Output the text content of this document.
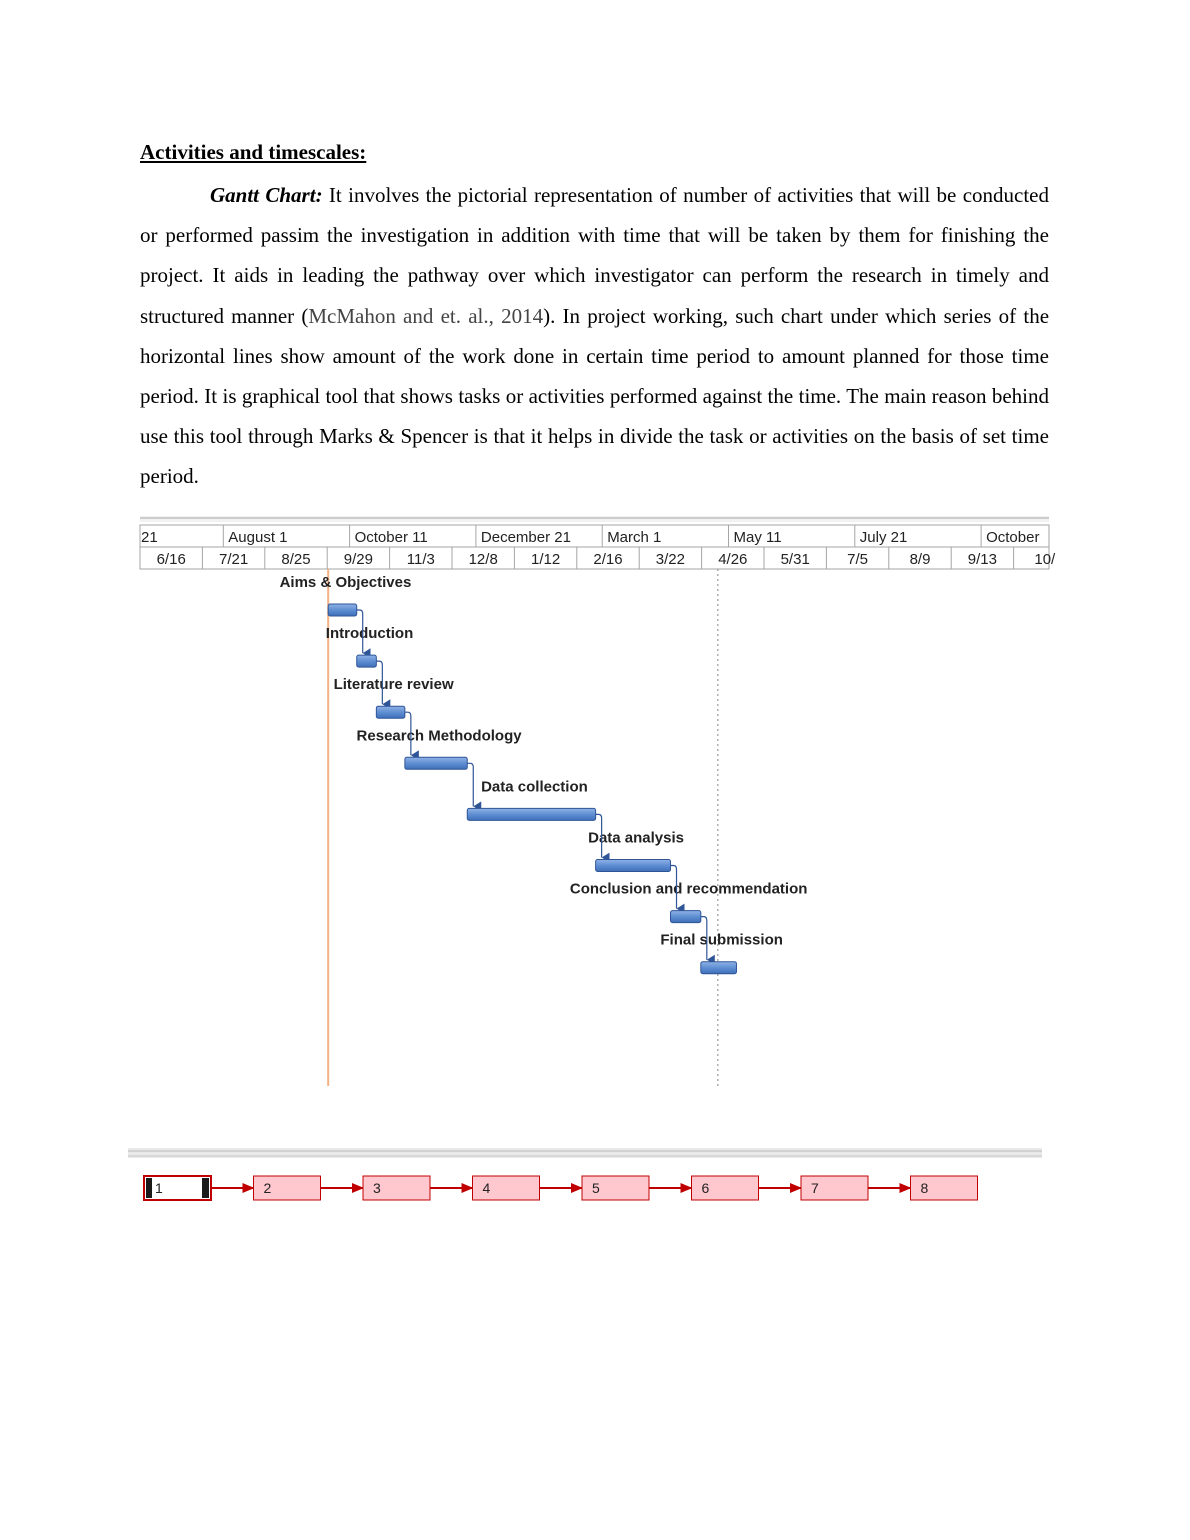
Activities and timescales:

Gantt Chart: It involves the pictorial representation of number of activities that will be conducted or performed passim the investigation in addition with time that will be taken by them for finishing the project. It aids in leading the pathway over which investigator can perform the research in timely and structured manner (McMahon and et. al., 2014). In project working, such chart under which series of the horizontal lines show amount of the work done in certain time period to amount planned for those time period. It is graphical tool that shows tasks or activities performed against the time. The main reason behind use this tool through Marks & Spencer is that it helps in divide the task or activities on the basis of set time period.

21	August 1	October 11	December 21 March 1	May 11	July 21	October
6/16 7/21 8/25 9/29 11/3 12/8 1/12 2/16 3/22 4/26 5/31 7/5	8/9 9/13 10/
Aims & Objectives
Introduction
Literature review
Research Methodology
Data collection
Data analysis
Conclusion and recommendation
Final submission
1	2	3	4	5	6	7	8
